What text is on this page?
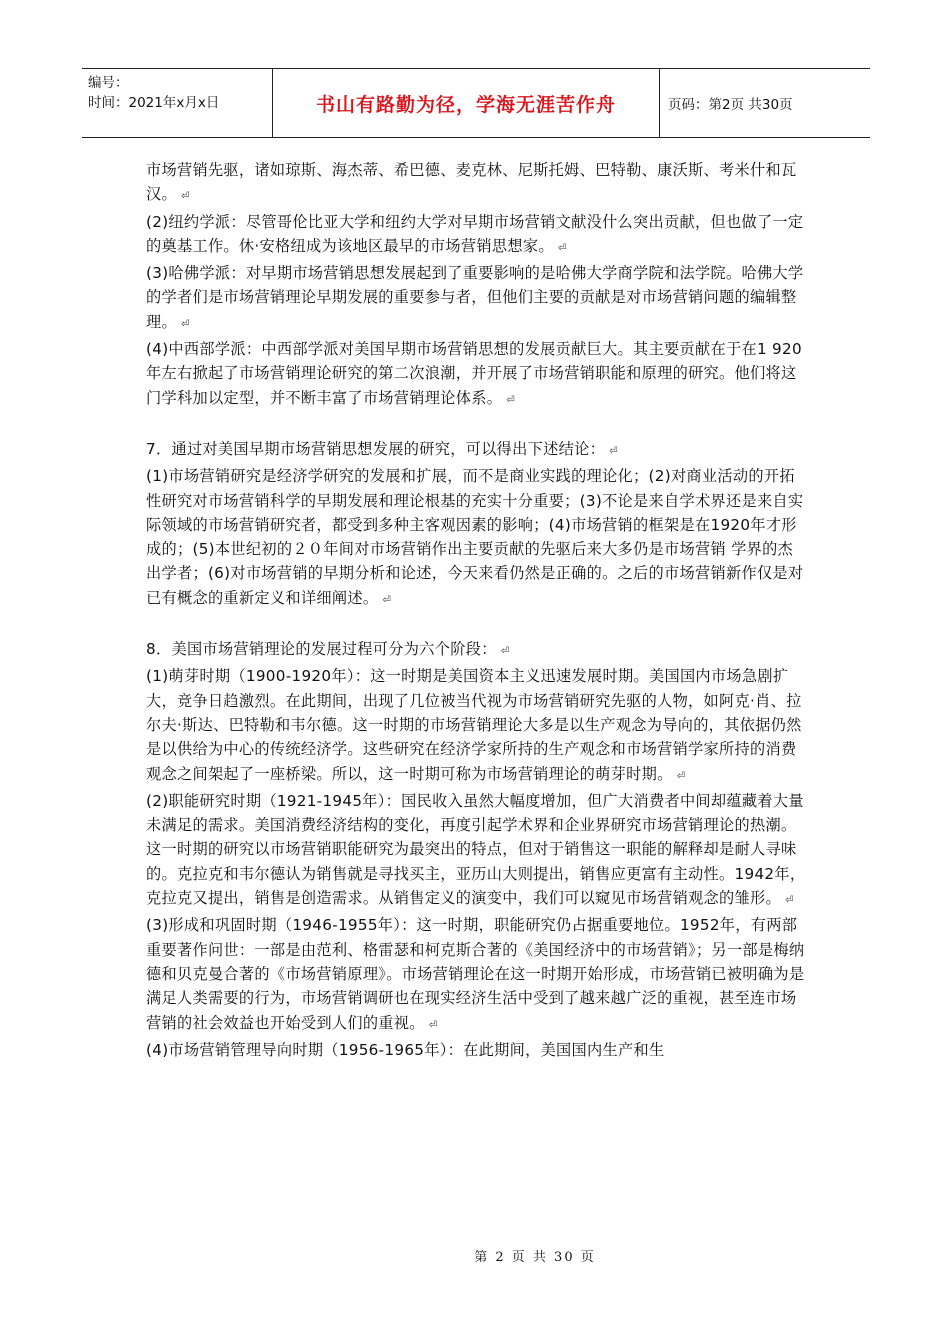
编号：
时间：2021年x月x日	书山有路勤为径，学海无涯苦作舟	页码：第2页 共30页

市场营销先驱，诸如琼斯、海杰蒂、希巴德、麦克林、尼斯托姆、巴特勒、康沃斯、考米什和瓦汉。 ⏎

(2)纽约学派：尽管哥伦比亚大学和纽约大学对早期市场营销文献没什么突出贡献，但也做了一定的奠基工作。休·安格纽成为该地区最早的市场营销思想家。 ⏎

(3)哈佛学派：对早期市场营销思想发展起到了重要影响的是哈佛大学商学院和法学院。哈佛大学的学者们是市场营销理论早期发展的重要参与者，但他们主要的贡献是对市场营销问题的编辑整理。 ⏎

(4)中西部学派：中西部学派对美国早期市场营销思想的发展贡献巨大。其主要贡献在于在1 920年左右掀起了市场营销理论研究的第二次浪潮，并开展了市场营销职能和原理的研究。他们将这门学科加以定型，并不断丰富了市场营销理论体系。 ⏎

7．通过对美国早期市场营销思想发展的研究，可以得出下述结论： ⏎

(1)市场营销研究是经济学研究的发展和扩展，而不是商业实践的理论化；(2)对商业活动的开拓性研究对市场营销科学的早期发展和理论根基的充实十分重要；(3)不论是来自学术界还是来自实际领域的市场营销研究者，都受到多种主客观因素的影响；(4)市场营销的框架是在1920年才形成的；(5)本世纪初的２０年间对市场营销作出主要贡献的先驱后来大多仍是市场营销 学界的杰出学者；(6)对市场营销的早期分析和论述，今天来看仍然是正确的。之后的市场营销新作仅是对已有概念的重新定义和详细阐述。 ⏎

8．美国市场营销理论的发展过程可分为六个阶段： ⏎

(1)萌芽时期（1900-1920年）：这一时期是美国资本主义迅速发展时期。美国国内市场急剧扩大，竞争日趋激烈。在此期间，出现了几位被当代视为市场营销研究先驱的人物，如阿克·肖、拉尔夫·斯达、巴特勒和韦尔德。这一时期的市场营销理论大多是以生产观念为导向的，其依据仍然是以供给为中心的传统经济学。这些研究在经济学家所持的生产观念和市场营销学家所持的消费观念之间架起了一座桥梁。所以，这一时期可称为市场营销理论的萌芽时期。 ⏎

(2)职能研究时期（1921-1945年）：国民收入虽然大幅度增加，但广大消费者中间却蕴藏着大量未满足的需求。美国消费经济结构的变化，再度引起学术界和企业界研究市场营销理论的热潮。这一时期的研究以市场营销职能研究为最突出的特点，但对于销售这一职能的解释却是耐人寻味的。克拉克和韦尔德认为销售就是寻找买主，亚历山大则提出，销售应更富有主动性。1942年，克拉克又提出，销售是创造需求。从销售定义的演变中，我们可以窥见市场营销观念的雏形。 ⏎

(3)形成和巩固时期（1946-1955年）：这一时期，职能研究仍占据重要地位。1952年，有两部重要著作问世：一部是由范利、格雷瑟和柯克斯合著的《美国经济中的市场营销》；另一部是梅纳德和贝克曼合著的《市场营销原理》。市场营销理论在这一时期开始形成，市场营销已被明确为是满足人类需要的行为，市场营销调研也在现实经济生活中受到了越来越广泛的重视，甚至连市场营销的社会效益也开始受到人们的重视。 ⏎

(4)市场营销管理导向时期（1956-1965年）：在此期间，美国国内生产和生

第 2 页 共 30 页
